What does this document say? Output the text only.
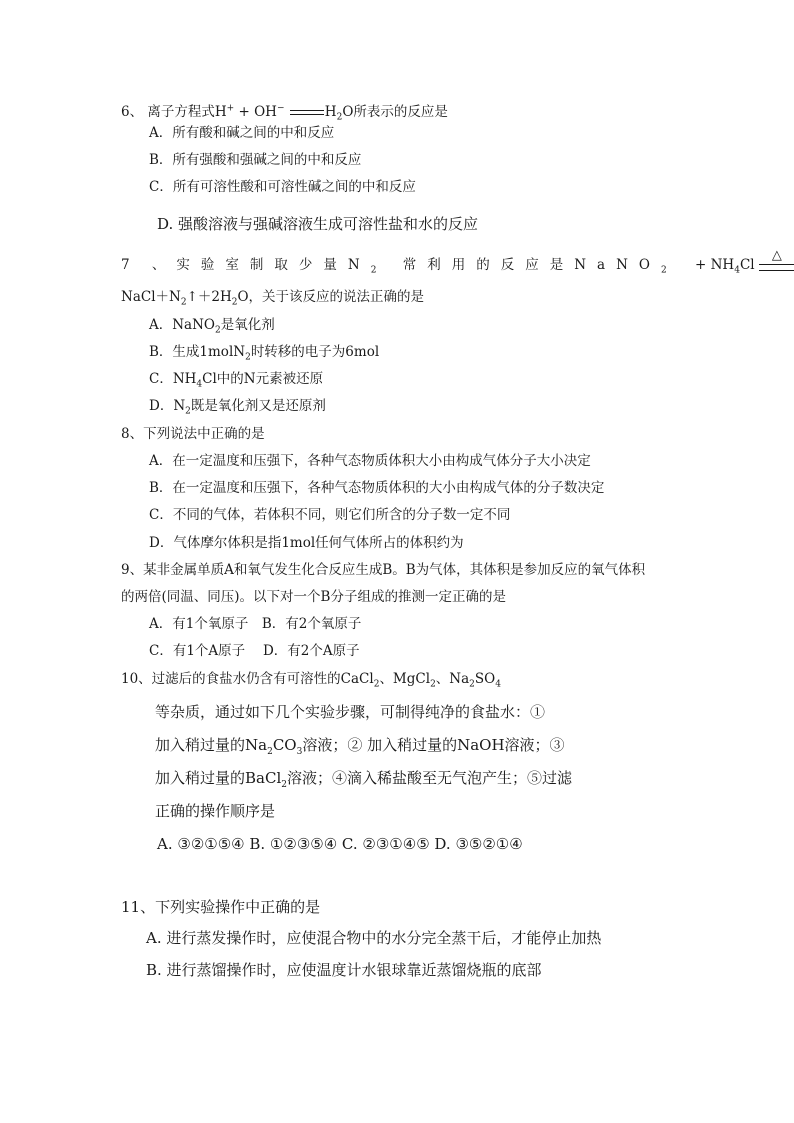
6、 离子方程式H+ + OH−	$H_2O$所表示的反应是
A．所有酸和碱之间的中和反应
B．所有强酸和强碱之间的中和反应
C．所有可溶性酸和可溶性碱之间的中和反应
D. 强酸溶液与强碱溶液生成可溶性盐和水的反应
7 、实验室制取少量$N_2$ 常利用的反应是NaNO$_2$ + $NH_4Cl$
△
$NaCl+N_2↑+2H_2O$，关于该反应的说法正确的是
A．NaNO$_2$是氧化剂
B．生成1molN$_2$时转移的电子为6mol
C．$NH_4Cl$中的N元素被还原
D．$N_2$既是氧化剂又是还原剂
8、下列说法中正确的是
A．在一定温度和压强下，各种气态物质体积大小由构成气体分子大小决定
B．在一定温度和压强下，各种气态物质体积的大小由构成气体的分子数决定
C．不同的气体，若体积不同，则它们所含的分子数一定不同
D．气体摩尔体积是指1mol任何气体所占的体积约为
9、某非金属单质A和氧气发生化合反应生成B。B为气体，其体积是参加反应的氧气体积
的两倍(同温、同压)。以下对一个B分子组成的推测一定正确的是
A．有1个氧原子　B．有2个氧原子
C．有1个A原子　 D．有2个A原子
10、过滤后的食盐水仍含有可溶性的CaCl$_2$、MgCl$_2$、$Na_2SO_4$
等杂质，通过如下几个实验步骤，可制得纯净的食盐水：①
加入稍过量的$Na_2CO_3$溶液；② 加入稍过量的NaOH溶液；③
加入稍过量的BaCl$_2$溶液；④滴入稀盐酸至无气泡产生；⑤过滤
正确的操作顺序是
A. ③②①⑤④ B. ①②③⑤④ C. ②③①④⑤ D. ③⑤②①④
11、下列实验操作中正确的是
A. 进行蒸发操作时，应使混合物中的水分完全蒸干后，才能停止加热
B. 进行蒸馏操作时，应使温度计水银球靠近蒸馏烧瓶的底部
